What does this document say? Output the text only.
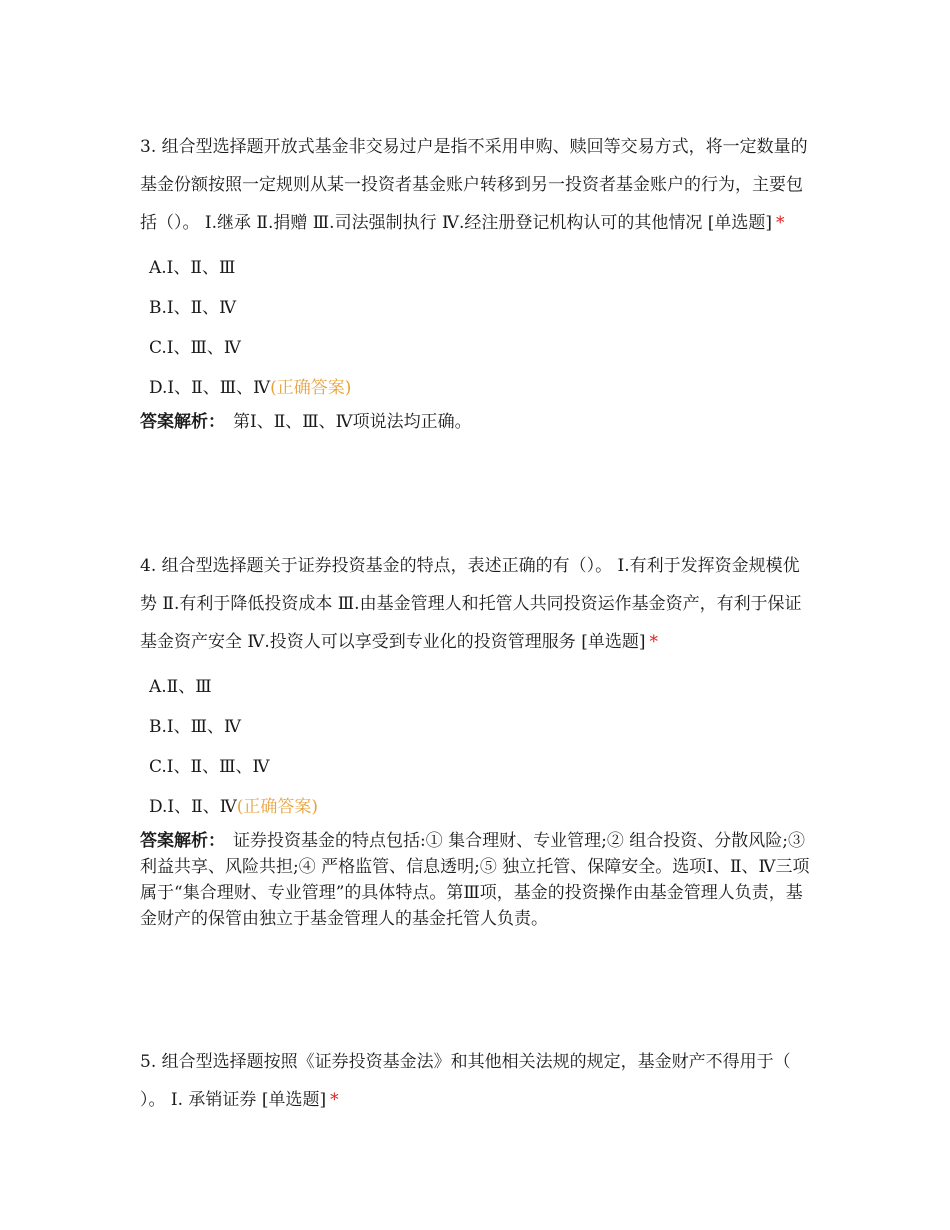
3. 组合型选择题开放式基金非交易过户是指不采用申购、赎回等交易方式，将一定数量的基金份额按照一定规则从某一投资者基金账户转移到另一投资者基金账户的行为，主要包括（）。 Ⅰ.继承 Ⅱ.捐赠 Ⅲ.司法强制执行 Ⅳ.经注册登记机构认可的其他情况 [单选题] *

A.Ⅰ、Ⅱ、Ⅲ
B.Ⅰ、Ⅱ、Ⅳ
C.Ⅰ、Ⅲ、Ⅳ
D.Ⅰ、Ⅱ、Ⅲ、Ⅳ(正确答案)
答案解析： 第Ⅰ、Ⅱ、Ⅲ、Ⅳ项说法均正确。

4. 组合型选择题关于证券投资基金的特点，表述正确的有（）。 Ⅰ.有利于发挥资金规模优势 Ⅱ.有利于降低投资成本 Ⅲ.由基金管理人和托管人共同投资运作基金资产，有利于保证基金资产安全 Ⅳ.投资人可以享受到专业化的投资管理服务 [单选题] *

A.Ⅱ、Ⅲ
B.Ⅰ、Ⅲ、Ⅳ
C.Ⅰ、Ⅱ、Ⅲ、Ⅳ
D.Ⅰ、Ⅱ、Ⅳ(正确答案)
答案解析： 证券投资基金的特点包括:① 集合理财、专业管理;② 组合投资、分散风险;③ 利益共享、风险共担;④ 严格监管、信息透明;⑤ 独立托管、保障安全。选项Ⅰ、Ⅱ、Ⅳ三项属于“集合理财、专业管理”的具体特点。第Ⅲ项，基金的投资操作由基金管理人负责，基金财产的保管由独立于基金管理人的基金托管人负责。

5. 组合型选择题按照《证券投资基金法》和其他相关法规的规定，基金财产不得用于（ ）。 Ⅰ. 承销证券 [单选题] *
